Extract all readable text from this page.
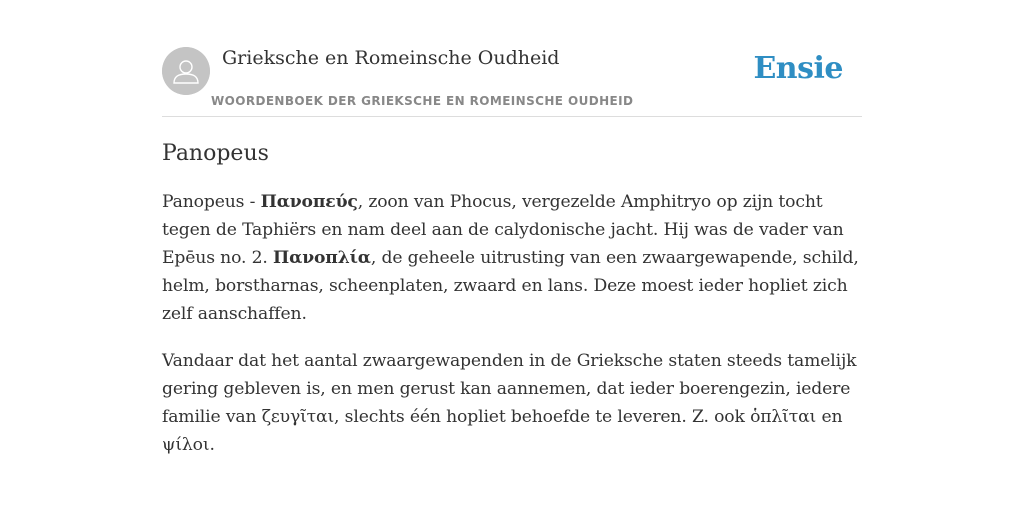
Grieksche en Romeinsche Oudheid
WOORDENBOEK DER GRIEKSCHE EN ROMEINSCHE OUDHEID
Ensie
Panopeus

Panopeus - Πανοπεύς, zoon van Phocus, vergezelde Amphitryo op zijn tocht tegen de Taphiërs en nam deel aan de calydonische jacht. Hij was de vader van Epēus no. 2. Πανοπλία, de geheele uitrusting van een zwaargewapende, schild, helm, borstharnas, scheenplaten, zwaard en lans. Deze moest ieder hopliet zich zelf aanschaffen.

Vandaar dat het aantal zwaargewapenden in de Grieksche staten steeds tamelijk gering gebleven is, en men gerust kan aannemen, dat ieder boerengezin, iedere familie van ζευγῖται, slechts één hopliet behoefde te leveren. Z. ook ὁπλῖται en ψίλοι.
